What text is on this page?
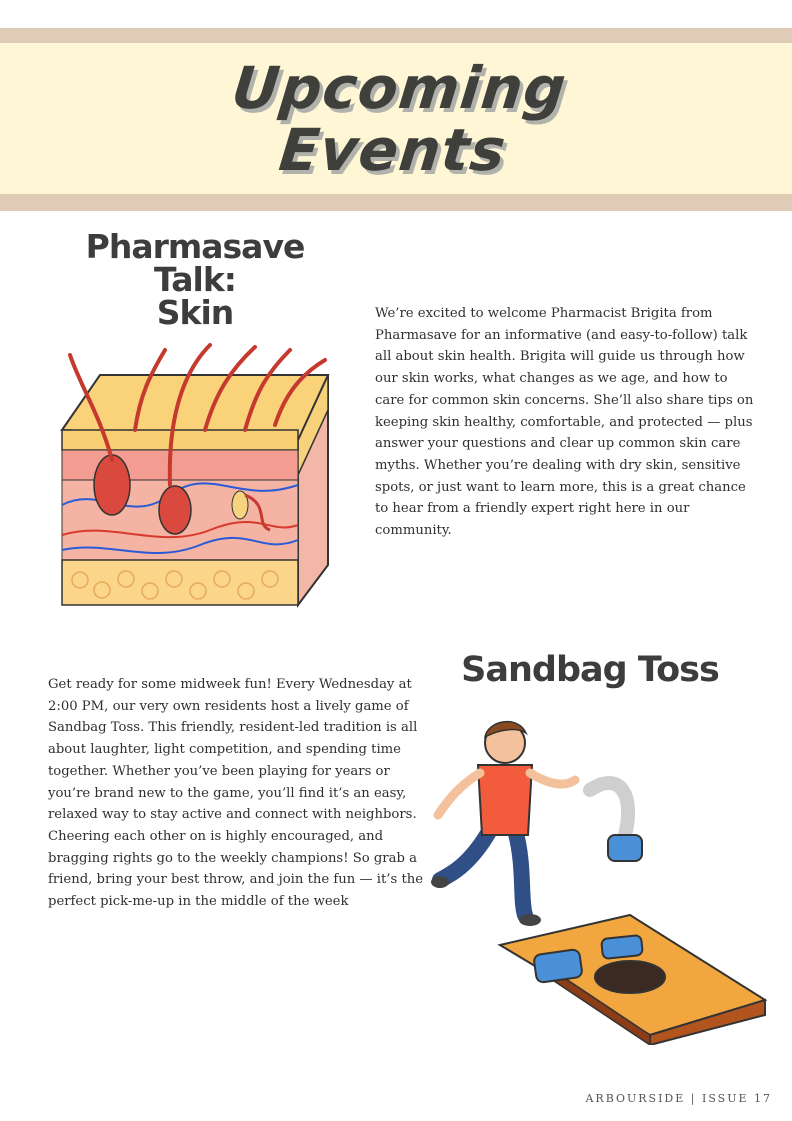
Upcoming
Events
Pharmasave Talk:
Skin	We’re excited to welcome Pharmacist Brigita from Pharmasave for an informative (and easy-to-follow) talk all about skin health. Brigita will guide us through how our skin works, what changes as we age, and how to care for common skin concerns. She’ll also share tips on keeping skin healthy, comfortable, and protected — plus answer your questions and clear up common skin care myths. Whether you’re dealing with dry skin, sensitive spots, or just want to learn more, this is a great chance to hear from a friendly expert right here in our community.

Get ready for some midweek fun! Every Wednesday at 2:00 PM, our very own residents host a lively game of Sandbag Toss. This friendly, resident-led tradition is all about laughter, light competition, and spending time together. Whether you’ve been playing for years or you’re brand new to the game, you’ll find it’s an easy, relaxed way to stay active and connect with neighbors. Cheering each other on is highly encouraged, and bragging rights go to the weekly champions! So grab a friend, bring your best throw, and join the fun — it’s the perfect pick-me-up in the middle of the week

Sandbag Toss

ARBOURSIDE | ISSUE 17
